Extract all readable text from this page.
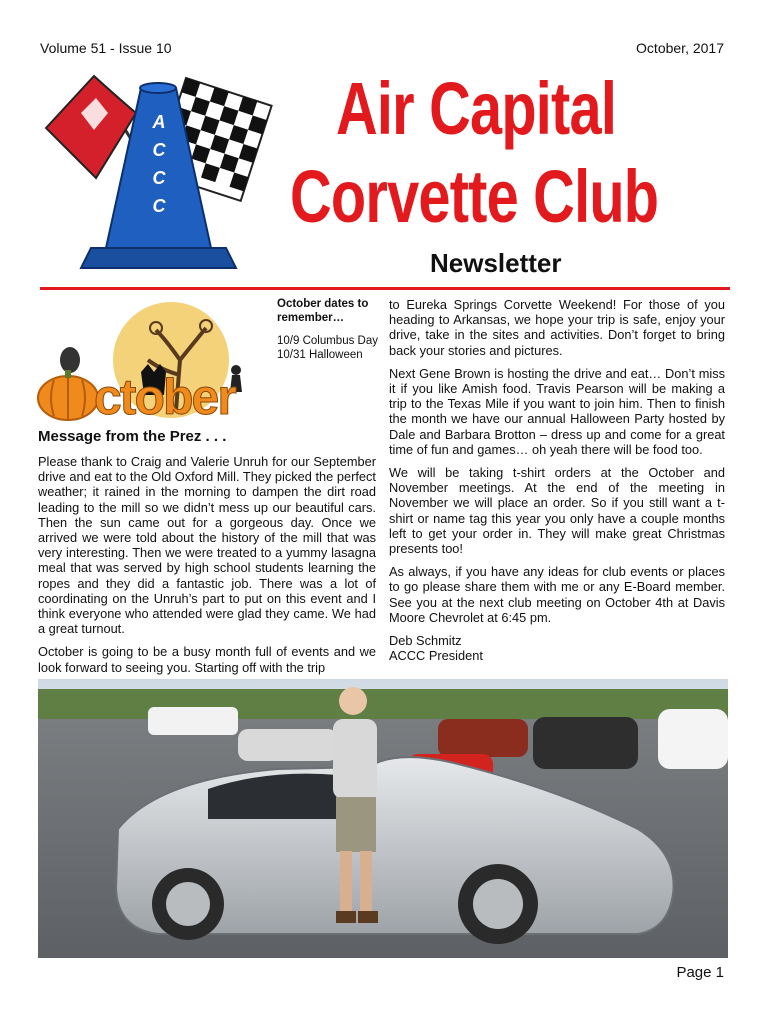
Volume 51 - Issue 10	October, 2017
A
C
C
C
Air Capital
Corvette Club
Newsletter
ctober
October dates to remember…
10/9 Columbus Day
10/31 Halloween
Message from the Prez . . .

Please thank to Craig and Valerie Unruh for our September drive and eat to the Old Oxford Mill. They picked the perfect weather; it rained in the morning to dampen the dirt road leading to the mill so we didn’t mess up our beautiful cars. Then the sun came out for a gorgeous day. Once we arrived we were told about the history of the mill that was very interesting. Then we were treated to a yummy lasagna meal that was served by high school students learning the ropes and they did a fantastic job. There was a lot of coordinating on the Unruh’s part to put on this event and I think everyone who attended were glad they came. We had a great turnout.

October is going to be a busy month full of events and we look forward to seeing you. Starting off with the trip

to Eureka Springs Corvette Weekend! For those of you heading to Arkansas, we hope your trip is safe, enjoy your drive, take in the sites and activities. Don’t forget to bring back your stories and pictures.

Next Gene Brown is hosting the drive and eat… Don’t miss it if you like Amish food. Travis Pearson will be making a trip to the Texas Mile if you want to join him. Then to finish the month we have our annual Halloween Party hosted by Dale and Barbara Brotton – dress up and come for a great time of fun and games… oh yeah there will be food too.

We will be taking t-shirt orders at the October and November meetings. At the end of the meeting in November we will place an order. So if you still want a t-shirt or name tag this year you only have a couple months left to get your order in. They will make great Christmas presents too!

As always, if you have any ideas for club events or places to go please share them with me or any E-Board member. See you at the next club meeting on October 4th at Davis Moore Chevrolet at 6:45 pm.

Deb Schmitz

ACCC President

Page 1
